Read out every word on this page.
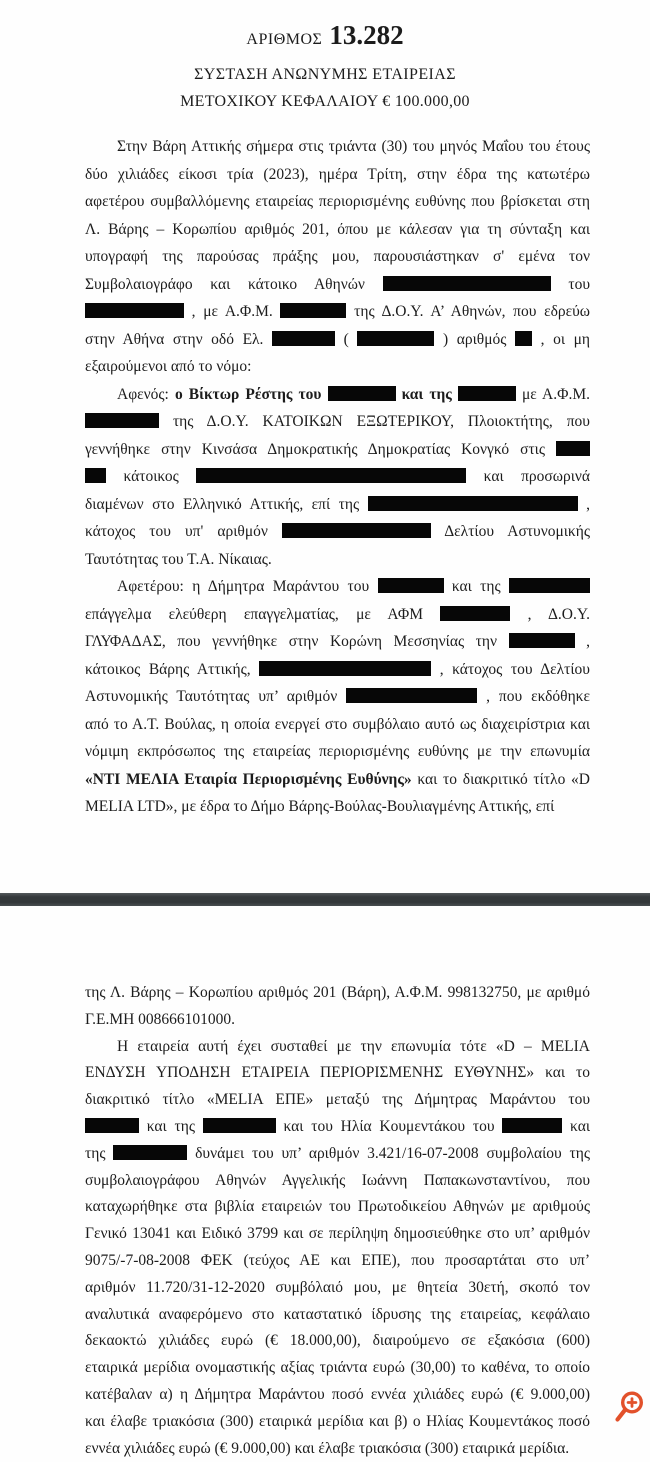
ΑΡΙΘΜΟΣ 13.282
ΣΥΣΤΑΣΗ ΑΝΩΝΥΜΗΣ ΕΤΑΙΡΕΙΑΣ
ΜΕΤΟΧΙΚΟΥ ΚΕΦΑΛΑΙΟΥ € 100.000,00
Στην Βάρη Αττικής σήμερα στις τριάντα (30) του μηνός Μαΐου του έτους
δύο χιλιάδες είκοσι τρία (2023), ημέρα Τρίτη, στην έδρα της κατωτέρω
αφετέρου συμβαλλόμενης εταιρείας περιορισμένης ευθύνης που βρίσκεται στη
Λ. Βάρης – Κορωπίου αριθμός 201, όπου με κάλεσαν για τη σύνταξη και
υπογραφή της παρούσας πράξης μου, παρουσιάστηκαν σ' εμένα τον
Συμβολαιογράφο και κάτοικο Αθηνών	του
, με Α.Φ.Μ.	της Δ.Ο.Υ. Α’ Αθηνών, που εδρεύω
στην Αθήνα στην οδό Ελ.	(	) αριθμός  , οι μη
εξαιρούμενοι από το νόμο:
Αφενός: ο Βίκτωρ Ρέστης του	και της	με Α.Φ.Μ.
της Δ.Ο.Υ. ΚΑΤΟΙΚΩΝ ΕΞΩΤΕΡΙΚΟΥ, Πλοιοκτήτης, που
γεννήθηκε στην Κινσάσα Δημοκρατικής Δημοκρατίας Κονγκό στις
κάτοικος	και προσωρινά
διαμένων στο Ελληνικό Αττικής, επί της	,
κάτοχος του υπ' αριθμόν	Δελτίου Αστυνομικής
Ταυτότητας του Τ.Α. Νίκαιας.
Αφετέρου: η Δήμητρα Μαράντου του	και της
επάγγελμα ελεύθερη επαγγελματίας, με ΑΦΜ	, Δ.Ο.Υ.
ΓΛΥΦΑΔΑΣ, που γεννήθηκε στην Κορώνη Μεσσηνίας την	,
κάτοικος Βάρης Αττικής,	, κάτοχος του Δελτίου
Αστυνομικής Ταυτότητας υπ’ αριθμόν	, που εκδόθηκε
από το Α.Τ. Βούλας, η οποία ενεργεί στο συμβόλαιο αυτό ως διαχειρίστρια και
νόμιμη εκπρόσωπος της εταιρείας περιορισμένης ευθύνης με την επωνυμία
«ΝΤΙ ΜΕΛΙΑ Εταιρία Περιορισμένης Ευθύνης» και το διακριτικό τίτλο «D
MELIA LTD», με έδρα το Δήμο Βάρης-Βούλας-Βουλιαγμένης Αττικής, επί
της Λ. Βάρης – Κορωπίου αριθμός 201 (Βάρη), Α.Φ.Μ. 998132750, με αριθμό
Γ.Ε.ΜΗ 008666101000.
Η εταιρεία αυτή έχει συσταθεί με την επωνυμία τότε «D – MELIA
ΕΝΔΥΣΗ ΥΠΟΔΗΣΗ ΕΤΑΙΡΕΙΑ ΠΕΡΙΟΡΙΣΜΕΝΗΣ ΕΥΘΥΝΗΣ» και το
διακριτικό τίτλο «MELIA ΕΠΕ» μεταξύ της Δήμητρας Μαράντου του
και της	και του Ηλία Κουμεντάκου του	και
της	δυνάμει του υπ’ αριθμόν 3.421/16-07-2008 συμβολαίου της
συμβολαιογράφου Αθηνών Αγγελικής Ιωάννη Παπακωνσταντίνου, που
καταχωρήθηκε στα βιβλία εταιρειών του Πρωτοδικείου Αθηνών με αριθμούς
Γενικό 13041 και Ειδικό 3799 και σε περίληψη δημοσιεύθηκε στο υπ’ αριθμόν
9075/-7-08-2008 ΦΕΚ (τεύχος ΑΕ και ΕΠΕ), που προσαρτάται στο υπ’
αριθμόν 11.720/31-12-2020 συμβόλαιό μου, με θητεία 30ετή, σκοπό τον
αναλυτικά αναφερόμενο στο καταστατικό ίδρυσης της εταιρείας, κεφάλαιο
δεκαοκτώ χιλιάδες ευρώ (€ 18.000,00), διαιρούμενο σε εξακόσια (600)
εταιρικά μερίδια ονομαστικής αξίας τριάντα ευρώ (30,00) το καθένα, το οποίο
κατέβαλαν α) η Δήμητρα Μαράντου ποσό εννέα χιλιάδες ευρώ (€ 9.000,00)
και έλαβε τριακόσια (300) εταιρικά μερίδια και β) ο Ηλίας Κουμεντάκος ποσό
εννέα χιλιάδες ευρώ (€ 9.000,00) και έλαβε τριακόσια (300) εταιρικά μερίδια.
